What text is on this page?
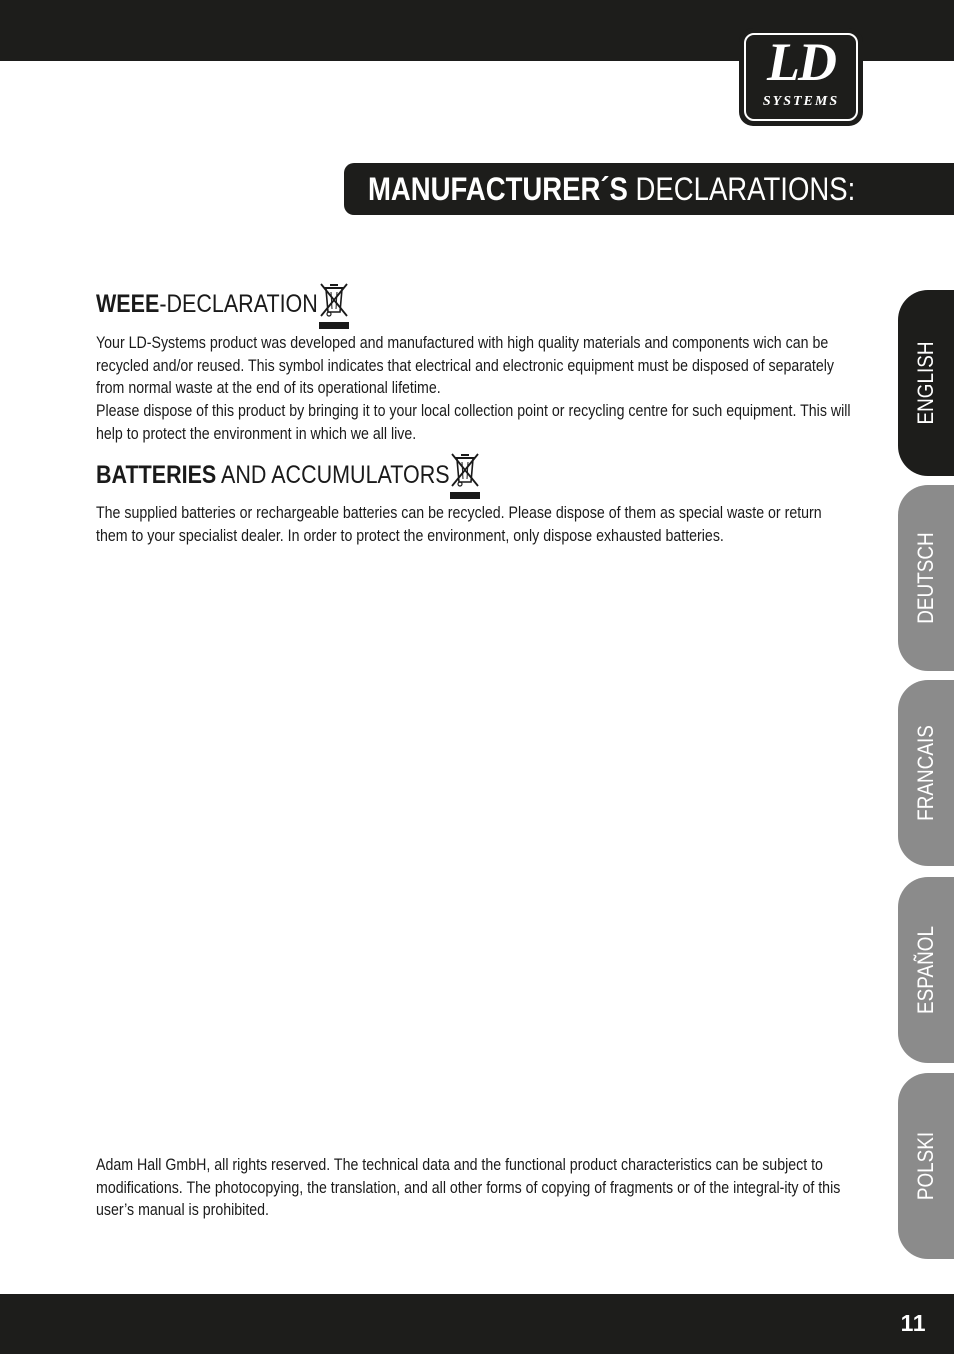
LD
SYSTEMS
MANUFACTURER´S DECLARATIONS:
WEEE-DECLARATION

Your LD-Systems product was developed and manufactured with high quality materials and components wich can be recycled and/or reused. This symbol indicates that electrical and electronic equipment must be disposed of separately from normal waste at the end of its operational lifetime.

Please dispose of this product by bringing it to your local collection point or recycling centre for such equipment. This will help to protect the environment in which we all live.

BATTERIES AND ACCUMULATORS

The supplied batteries or rechargeable batteries can be recycled. Please dispose of them as special waste or return them to your specialist dealer. In order to protect the environment, only dispose exhausted batteries.

Adam Hall GmbH, all rights reserved. The technical data and the functional product characteristics can be subject to modifications. The photocopying, the translation, and all other forms of copying of fragments or of the integral-ity of this user’s manual is prohibited.

ENGLISH
DEUTSCH
FRANCAIS
ESPAÑOL
POLSKI
11
